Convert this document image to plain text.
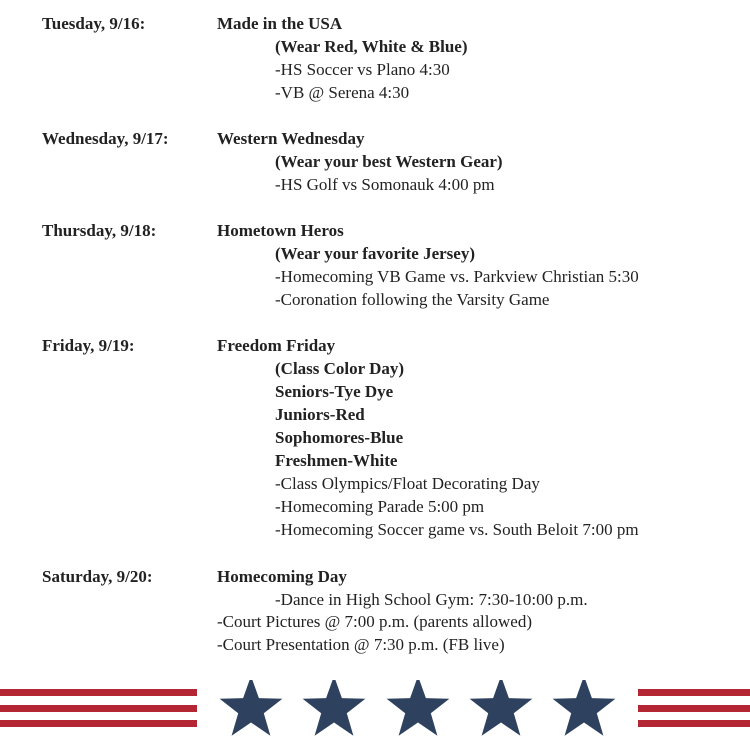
Tuesday, 9/16:	Made in the USA
(Wear Red, White & Blue)
-HS Soccer vs Plano 4:30
-VB @ Serena 4:30
Wednesday, 9/17:	Western Wednesday
(Wear your best Western Gear)
-HS Golf vs Somonauk 4:00 pm
Thursday, 9/18:	Hometown Heros
(Wear your favorite Jersey)
-Homecoming VB Game vs. Parkview Christian 5:30
-Coronation following the Varsity Game
Friday, 9/19:	Freedom Friday
(Class Color Day)
Seniors-Tye Dye
Juniors-Red
Sophomores-Blue
Freshmen-White
-Class Olympics/Float Decorating Day
-Homecoming Parade 5:00 pm
-Homecoming Soccer game vs. South Beloit 7:00 pm
Saturday, 9/20:	Homecoming Day
-Dance in High School Gym: 7:30-10:00 p.m.
-Court Pictures @ 7:00 p.m. (parents allowed)
-Court Presentation @ 7:30 p.m. (FB live)
